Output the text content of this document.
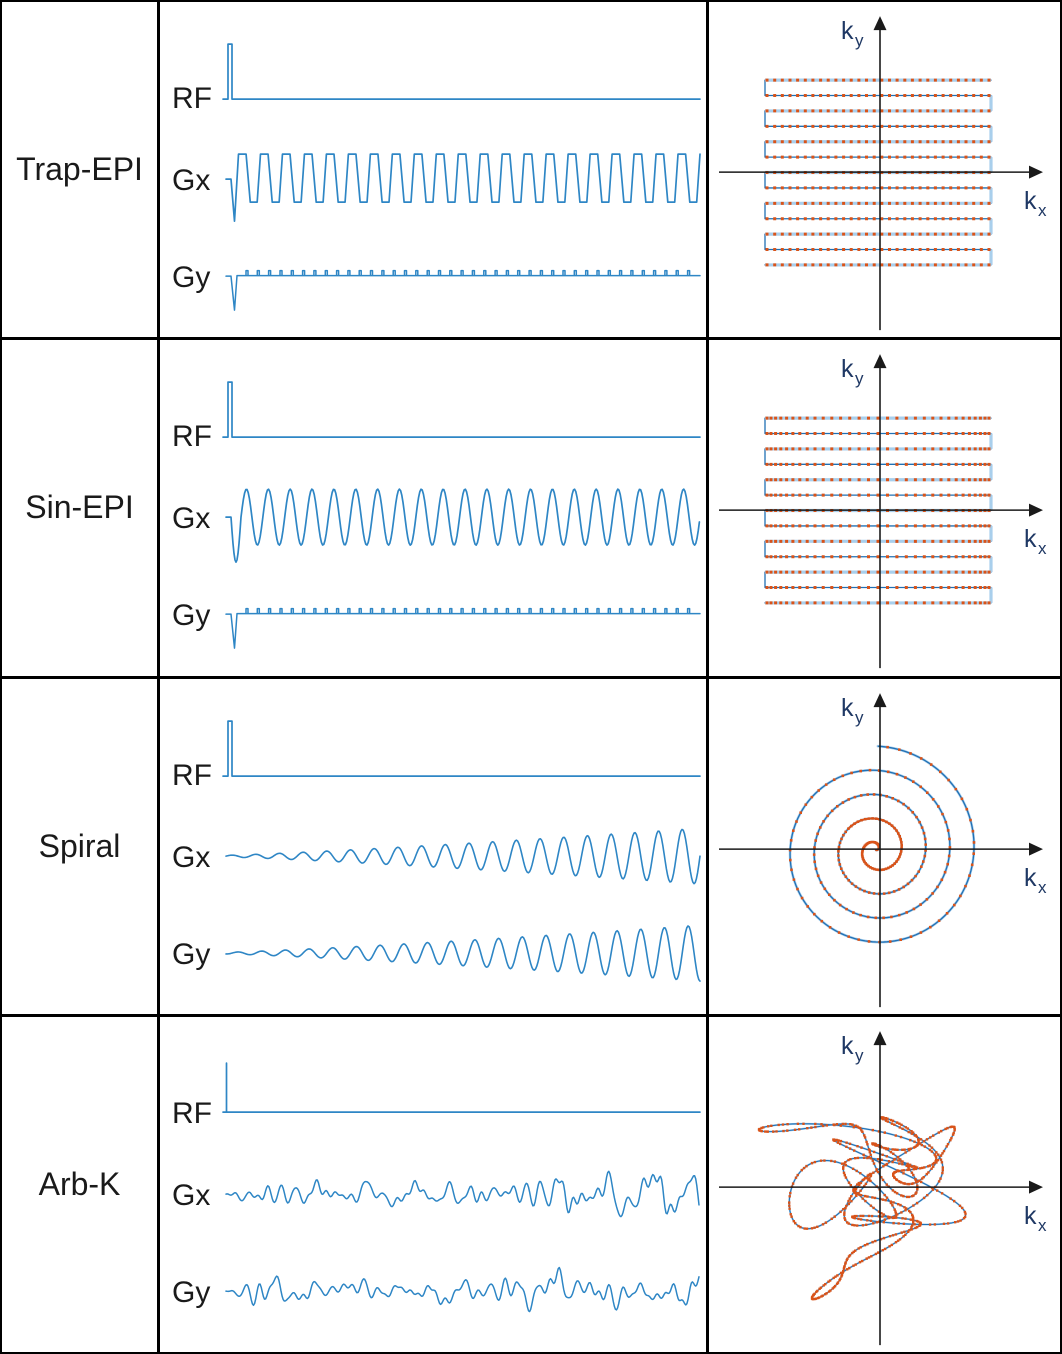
Trap-EPI
RF
Gx
Gy
k y
k x
Sin-EPI
RF
Gx
Gy
k y
k x
Spiral
RF
Gx
Gy
k y
k x
Arb-K
RF
Gx
Gy
k y
k x
